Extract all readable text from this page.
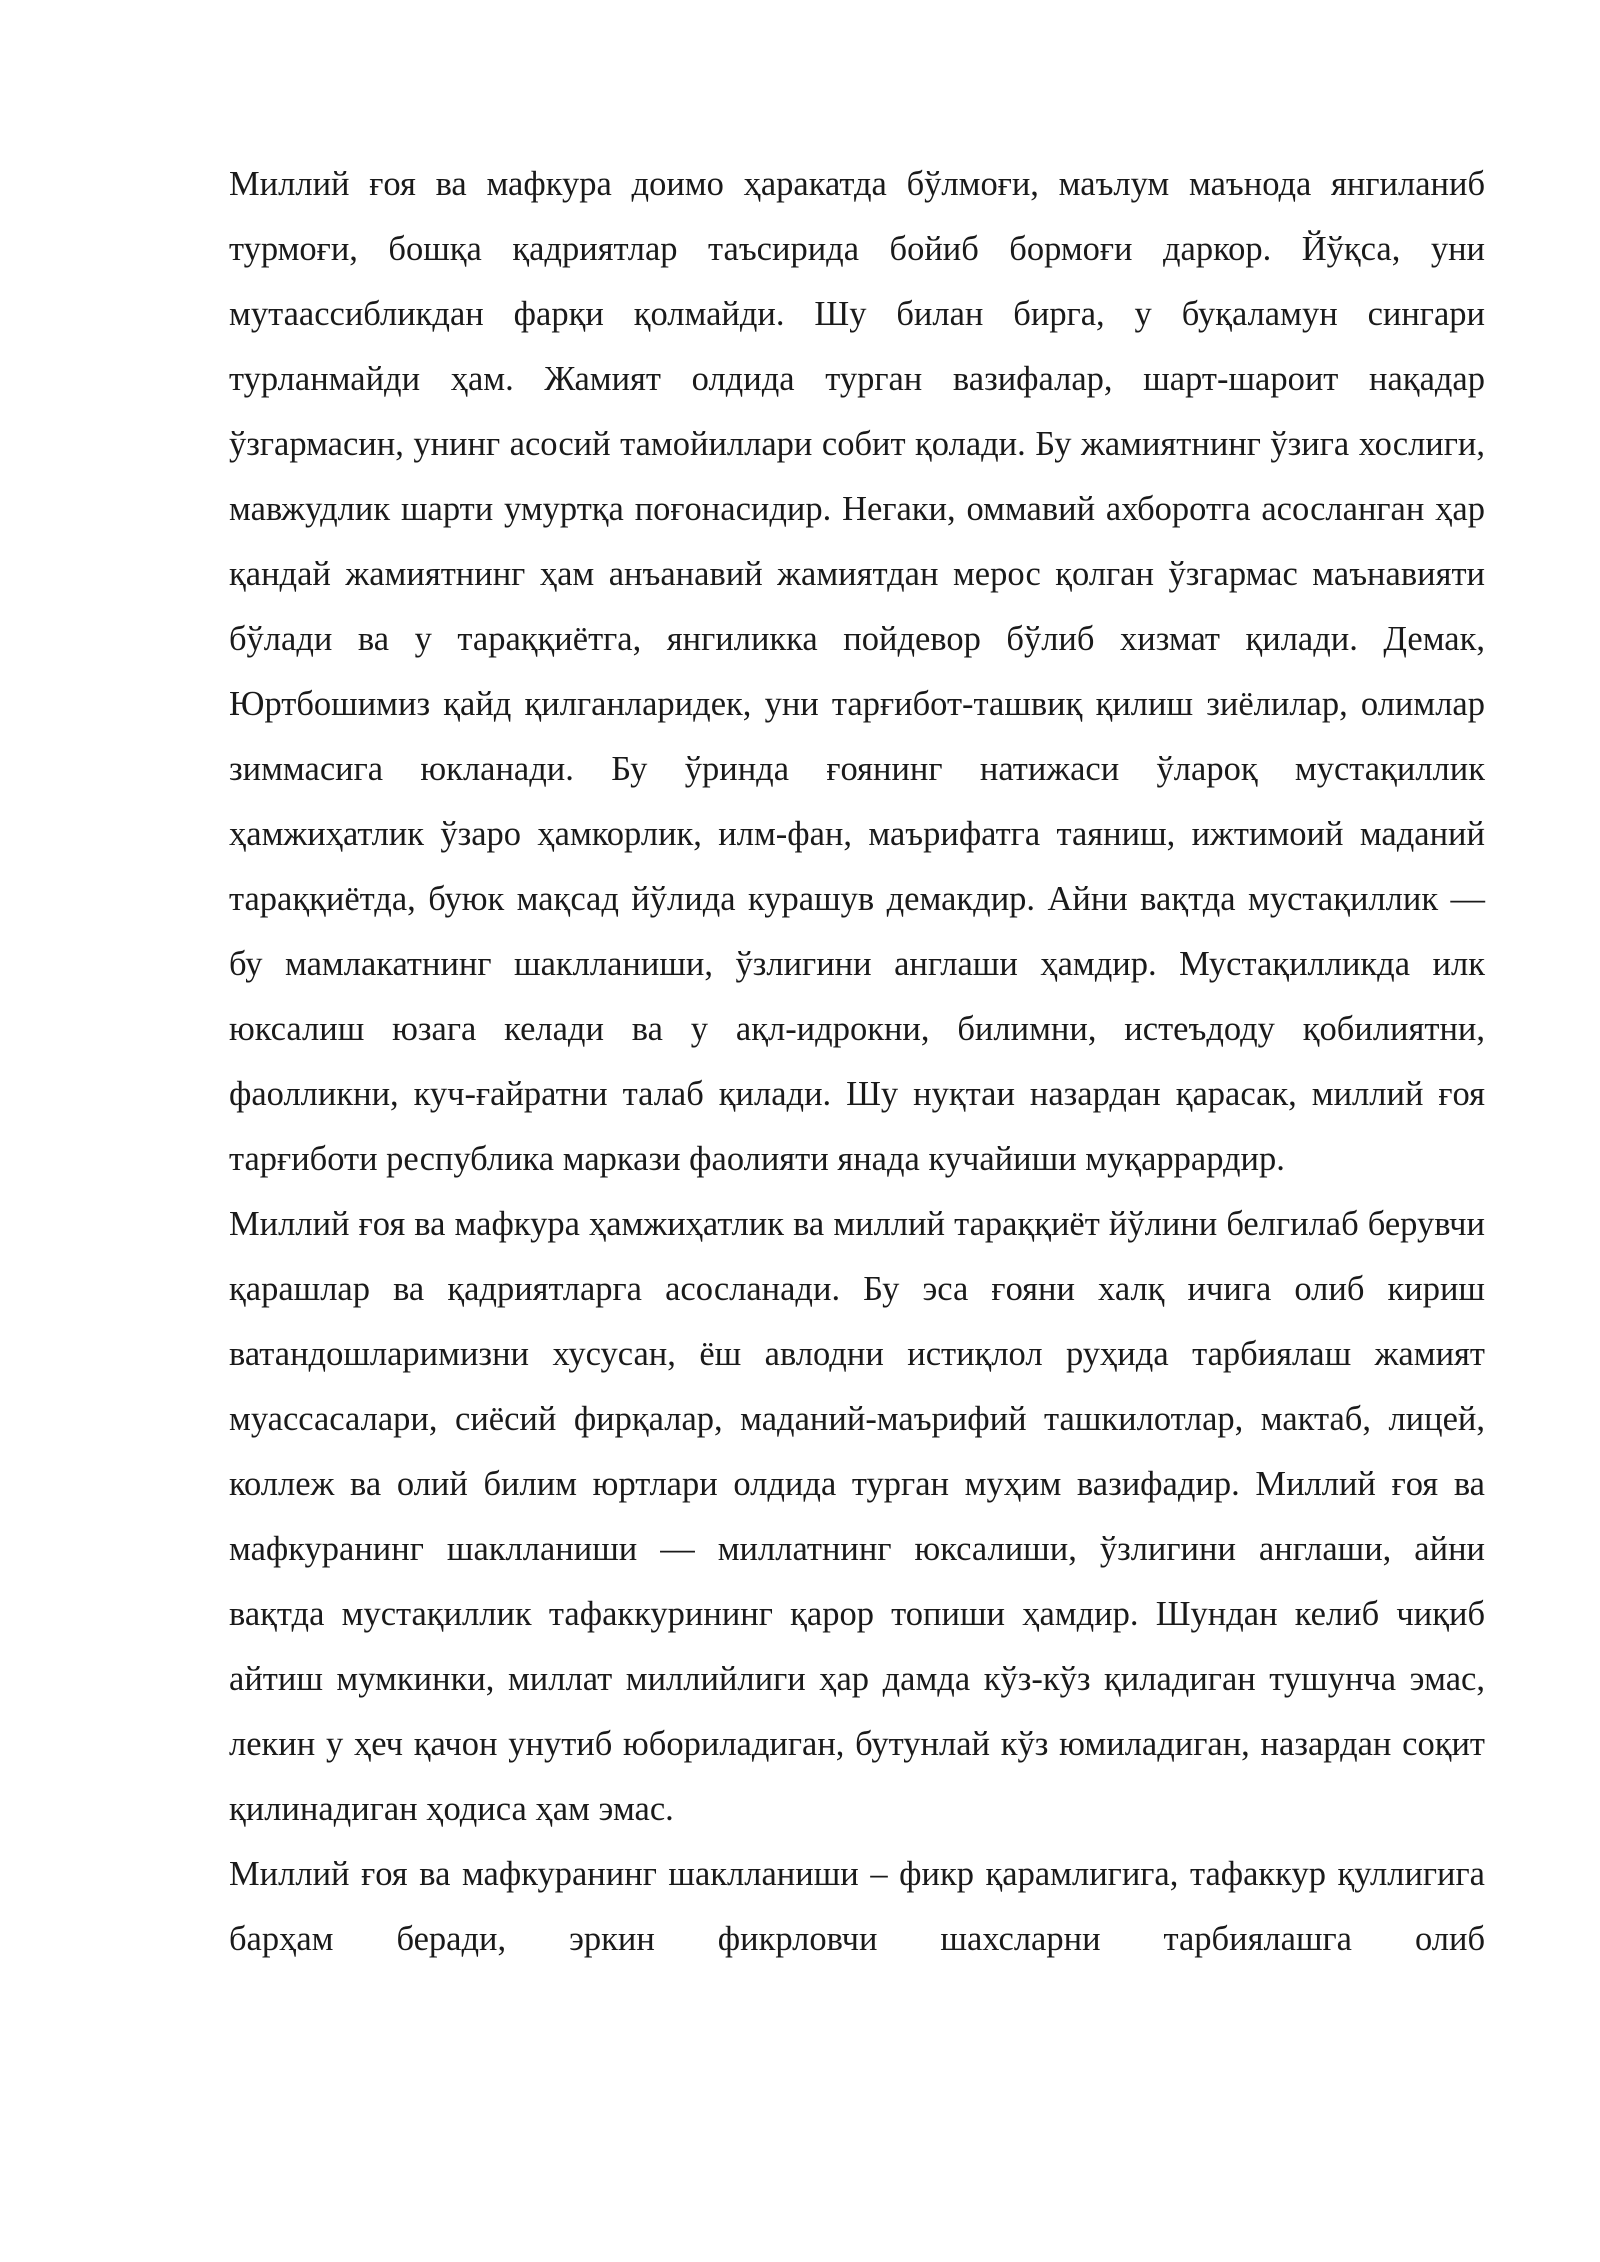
Миллий ғоя ва мафкура доимо ҳаракатда бўлмоғи, маълум маънода янгиланиб турмоғи, бошқа қадриятлар таъсирида бойиб бормоғи даркор. Йўқса, уни мутаассибликдан фарқи қолмайди. Шу билан бирга, у буқаламун сингари турланмайди ҳам. Жамият олдида турган вазифалар, шарт-шароит нақадар ўзгармасин, унинг асосий тамойиллари собит қолади. Бу жамиятнинг ўзига хослиги, мавжудлик шарти умуртқа поғонасидир. Негаки, оммавий ахборотга асосланган ҳар қандай жамиятнинг ҳам анъанавий жамиятдан мерос қолган ўзгармас маънавияти бўлади ва у тараққиётга, янгиликка пойдевор бўлиб хизмат қилади. Демак, Юртбошимиз қайд қилганларидек, уни тарғибот-ташвиқ қилиш зиёлилар, олимлар зиммасига юкланади. Бу ўринда ғоянинг натижаси ўлароқ мустақиллик ҳамжиҳатлик ўзаро ҳамкорлик, илм-фан, маърифатга таяниш, ижтимоий маданий тараққиётда, буюк мақсад йўлида курашув демакдир. Айни вақтда мустақиллик — бу мамлакатнинг шаклланиши, ўзлигини англаши ҳамдир. Мустақилликда илк юксалиш юзага келади ва у ақл-идрокни, билимни, истеъдоду қобилиятни, фаолликни, куч-ғайратни талаб қилади. Шу нуқтаи назардан қарасак, миллий ғоя тарғиботи республика маркази фаолияти янада кучайиши муқаррардир.

Миллий ғоя ва мафкура ҳамжиҳатлик ва миллий тараққиёт йўлини белгилаб берувчи қарашлар ва қадриятларга асосланади. Бу эса ғояни халқ ичига олиб кириш ватандошларимизни хусусан, ёш авлодни истиқлол руҳида тарбиялаш жамият муассасалари, сиёсий фирқалар, маданий-маърифий ташкилотлар, мактаб, лицей, коллеж ва олий билим юртлари олдида турган муҳим вазифадир. Миллий ғоя ва мафкуранинг шаклланиши — миллатнинг юксалиши, ўзлигини англаши, айни вақтда мустақиллик тафаккурининг қарор топиши ҳамдир. Шундан келиб чиқиб айтиш мумкинки, миллат миллийлиги ҳар дамда кўз-кўз қиладиган тушунча эмас, лекин у ҳеч қачон унутиб юбориладиган, бутунлай кўз юмиладиган, назардан соқит қилинадиган ҳодиса ҳам эмас.

Миллий ғоя ва мафкуранинг шаклланиши – фикр қарамлигига, тафаккур қуллигига барҳам беради, эркин фикрловчи шахсларни тарбиялашга олиб
